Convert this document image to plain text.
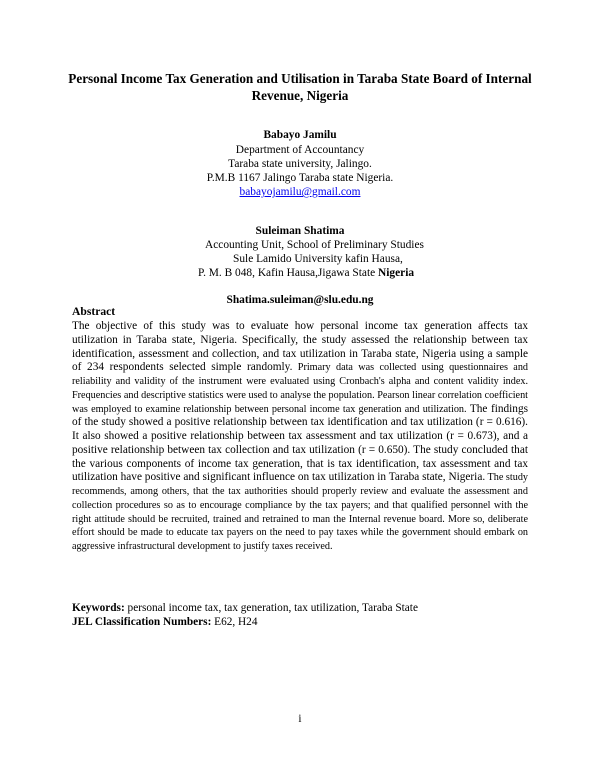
Personal Income Tax Generation and Utilisation in Taraba State Board of Internal Revenue, Nigeria
Babayo Jamilu
Department of Accountancy
Taraba state university, Jalingo.
P.M.B 1167 Jalingo Taraba state Nigeria.
babayojamilu@gmail.com
Suleiman Shatima
Accounting Unit, School of Preliminary Studies
Sule Lamido University kafin Hausa,
P. M. B 048, Kafin Hausa,Jigawa State Nigeria
Shatima.suleiman@slu.edu.ng
Abstract
The objective of this study was to evaluate how personal income tax generation affects tax utilization in Taraba state, Nigeria. Specifically, the study assessed the relationship between tax identification, assessment and collection, and tax utilization in Taraba state, Nigeria using a sample of 234 respondents selected simple randomly. Primary data was collected using questionnaires and reliability and validity of the instrument were evaluated using Cronbach's alpha and content validity index. Frequencies and descriptive statistics were used to analyse the population. Pearson linear correlation coefficient was employed to examine relationship between personal income tax generation and utilization. The findings of the study showed a positive relationship between tax identification and tax utilization (r = 0.616). It also showed a positive relationship between tax assessment and tax utilization (r = 0.673), and a positive relationship between tax collection and tax utilization (r = 0.650). The study concluded that the various components of income tax generation, that is tax identification, tax assessment and tax utilization have positive and significant influence on tax utilization in Taraba state, Nigeria. The study recommends, among others, that the tax authorities should properly review and evaluate the assessment and collection procedures so as to encourage compliance by the tax payers; and that qualified personnel with the right attitude should be recruited, trained and retrained to man the Internal revenue board. More so, deliberate effort should be made to educate tax payers on the need to pay taxes while the government should embark on aggressive infrastructural development to justify taxes received.
Keywords: personal income tax, tax generation, tax utilization, Taraba State
JEL Classification Numbers: E62, H24
i
